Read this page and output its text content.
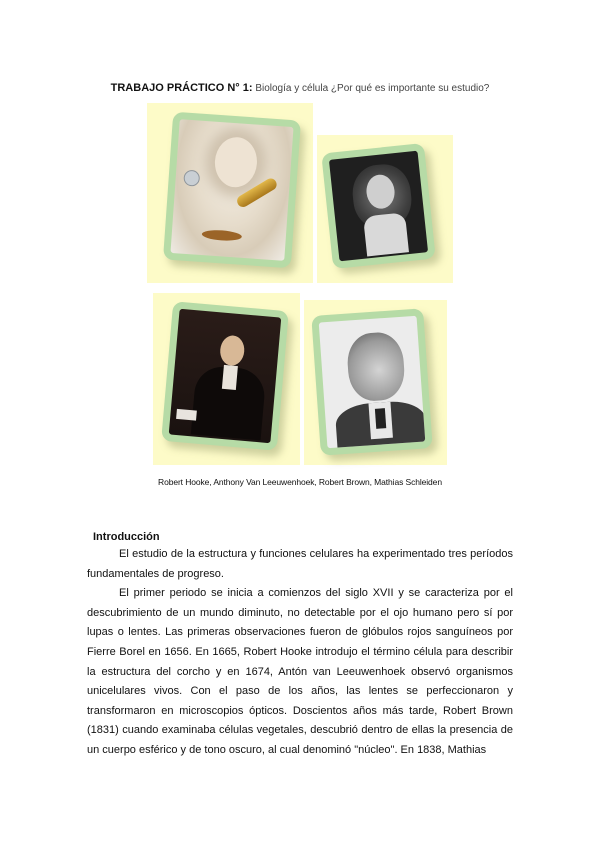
TRABAJO PRÁCTICO N° 1: Biología y célula ¿Por qué es importante su estudio?
Robert Hooke, Anthony Van Leeuwenhoek, Robert Brown, Mathias Schleiden
Introducción

El estudio de la estructura y funciones celulares ha experimentado tres períodos fundamentales de progreso.

El primer periodo se inicia a comienzos del siglo XVII y se caracteriza por el descubrimiento de un mundo diminuto, no detectable por el ojo humano pero sí por lupas o lentes. Las primeras observaciones fueron de glóbulos rojos sanguíneos por Fierre Borel en 1656. En 1665, Robert Hooke introdujo el término célula para describir la estructura del corcho y en 1674, Antón van Leeuwenhoek observó organismos unicelulares vivos. Con el paso de los años, las lentes se perfeccionaron y transformaron en microscopios ópticos. Doscientos años más tarde, Robert Brown (1831) cuando examinaba células vegetales, descubrió dentro de ellas la presencia de un cuerpo esférico y de tono oscuro, al cual denominó "núcleo". En 1838, Mathias
